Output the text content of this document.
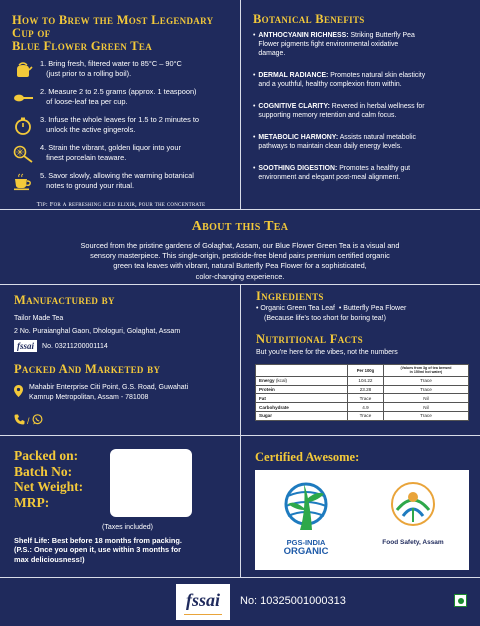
How to Brew the Most Legendary Cup of
Blue Flower Green Tea
1. Bring fresh, filtered water to 85°C – 90°C
(just prior to a rolling boil).
2. Measure 2 to 2.5 grams (approx. 1 teaspoon)
of loose-leaf tea per cup.
3. Infuse the whole leaves for 1.5 to 2 minutes to
unlock the active gingerols.
4. Strain the vibrant, golden liquor into your
finest porcelain teaware.
5. Savor slowly, allowing the warming botanical
notes to ground your ritual.
Tip: For a refreshing iced elixir, pour the concentrate

Botanical Benefits
• ANTHOCYANIN RICHNESS: Striking Butterfly Pea
Flower pigments fight environmental oxidative
damage.
• DERMAL RADIANCE: Promotes natural skin elasticity
and a youthful, healthy complexion from within.
• COGNITIVE CLARITY: Revered in herbal wellness for
supporting memory retention and calm focus.
• METABOLIC HARMONY: Assists natural metabolic
pathways to maintain clean daily energy levels.
• SOOTHING DIGESTION: Promotes a healthy gut
environment and elegant post-meal alignment.
About this Tea

Sourced from the pristine gardens of Golaghat, Assam, our Blue Flower Green Tea is a visual and
sensory masterpiece. This single-origin, pesticide-free blend pairs premium certified organic
green tea leaves with vibrant, natural Butterfly Pea Flower for a sophisticated,
color-changing experience.

Manufactured by
Tailor Made Tea
2 No. Puraianghal Gaon, Dhologuri, Golaghat, Assam
fssai	No. 03211200001114
Packed And Marketed by
Mahabir Enterprise Citi Point, G.S. Road, Guwahati
Kamrup Metropolitan, Assam - 781008
/
Ingredients
• Organic Green Tea Leaf • Butterfly Pea Flower
(Because life's too short for boring tea!)
Nutritional Facts
But you're here for the vibes, not the numbers
	Per 100g	(Values from 3g of tea brewed
in 150ml hot water)
Energy (kcal)	104.22	Trace
Protein	23.28	Trace
Fat	Trace	Nil
Carbohydrate	4.9	Nil
Sugar	Trace	Trace
Packed on:
Batch No:
Net Weight:
MRP:
(Taxes included)
Shelf Life: Best before 18 months from packing.
(P.S.: Once you open it, use within 3 months for
max deliciousness!)
Certified Awesome:
PGS-INDIA
ORGANIC
Food Safety, Assam
fssai	No: 10325001000313
